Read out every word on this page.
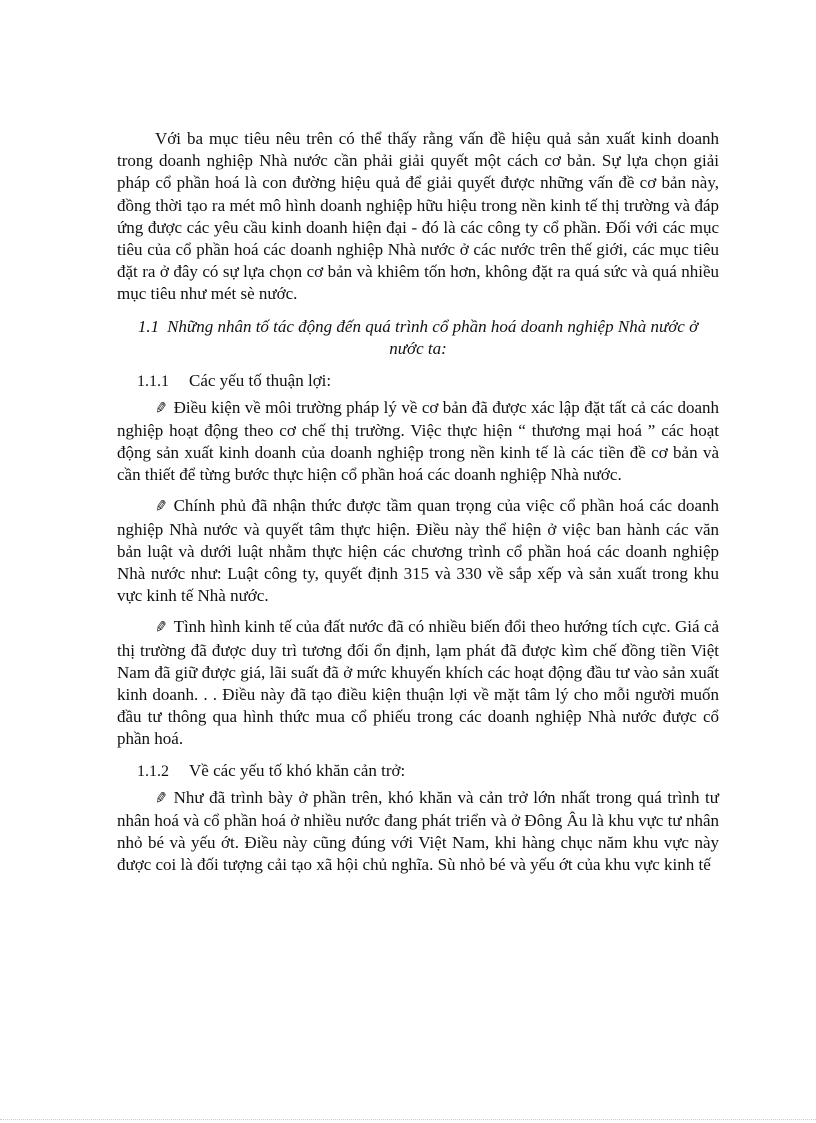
Với ba mục tiêu nêu trên có thể thấy rằng vấn đề hiệu quả sản xuất kinh doanh trong doanh nghiệp Nhà nước cần phải giải quyết một cách cơ bản. Sự lựa chọn giải pháp cổ phần hoá là con đường hiệu quả để giải quyết được những vấn đề cơ bản này, đồng thời tạo ra mét mô hình doanh nghiệp hữu hiệu trong nền kinh tế thị trường và đáp ứng được các yêu cầu kinh doanh hiện đại - đó là các công ty cổ phần. Đối với các mục tiêu của cổ phần hoá các doanh nghiệp Nhà nước ở các nước trên thế giới, các mục tiêu đặt ra ở đây có sự lựa chọn cơ bản và khiêm tốn hơn, không đặt ra quá sức và quá nhiều mục tiêu như mét sè nước.

1.1 Những nhân tố tác động đến quá trình cổ phần hoá doanh nghiệp Nhà nước ở nước ta:
1.1.1	Các yếu tố thuận lợi:

✎ Điều kiện về môi trường pháp lý về cơ bản đã được xác lập đặt tất cả các doanh nghiệp hoạt động theo cơ chế thị trường. Việc thực hiện “ thương mại hoá ” các hoạt động sản xuất kinh doanh của doanh nghiệp trong nền kinh tế là các tiền đề cơ bản và cần thiết để từng bước thực hiện cổ phần hoá các doanh nghiệp Nhà nước.

✎ Chính phủ đã nhận thức được tầm quan trọng của việc cổ phần hoá các doanh nghiệp Nhà nước và quyết tâm thực hiện. Điều này thể hiện ở việc ban hành các văn bản luật và dưới luật nhằm thực hiện các chương trình cổ phần hoá các doanh nghiệp Nhà nước như: Luật công ty, quyết định 315 và 330 về sắp xếp và sản xuất trong khu vực kinh tế Nhà nước.

✎ Tình hình kinh tế của đất nước đã có nhiều biến đổi theo hướng tích cực. Giá cả thị trường đã được duy trì tương đối ổn định, lạm phát đã được kìm chế đồng tiền Việt Nam đã giữ được giá, lãi suất đã ở mức khuyến khích các hoạt động đầu tư vào sản xuất kinh doanh. . . Điều này đã tạo điều kiện thuận lợi về mặt tâm lý cho mỗi người muốn đầu tư thông qua hình thức mua cổ phiếu trong các doanh nghiệp Nhà nước được cổ phần hoá.

1.1.2	Về các yếu tố khó khăn cản trở:

✎ Như đã trình bày ở phần trên, khó khăn và cản trở lớn nhất trong quá trình tư nhân hoá và cổ phần hoá ở nhiều nước đang phát triển và ở Đông Âu là khu vực tư nhân nhỏ bé và yếu ớt. Điều này cũng đúng với Việt Nam, khi hàng chục năm khu vực này được coi là đối tượng cải tạo xã hội chủ nghĩa. Sù nhỏ bé và yếu ớt của khu vực kinh tế
